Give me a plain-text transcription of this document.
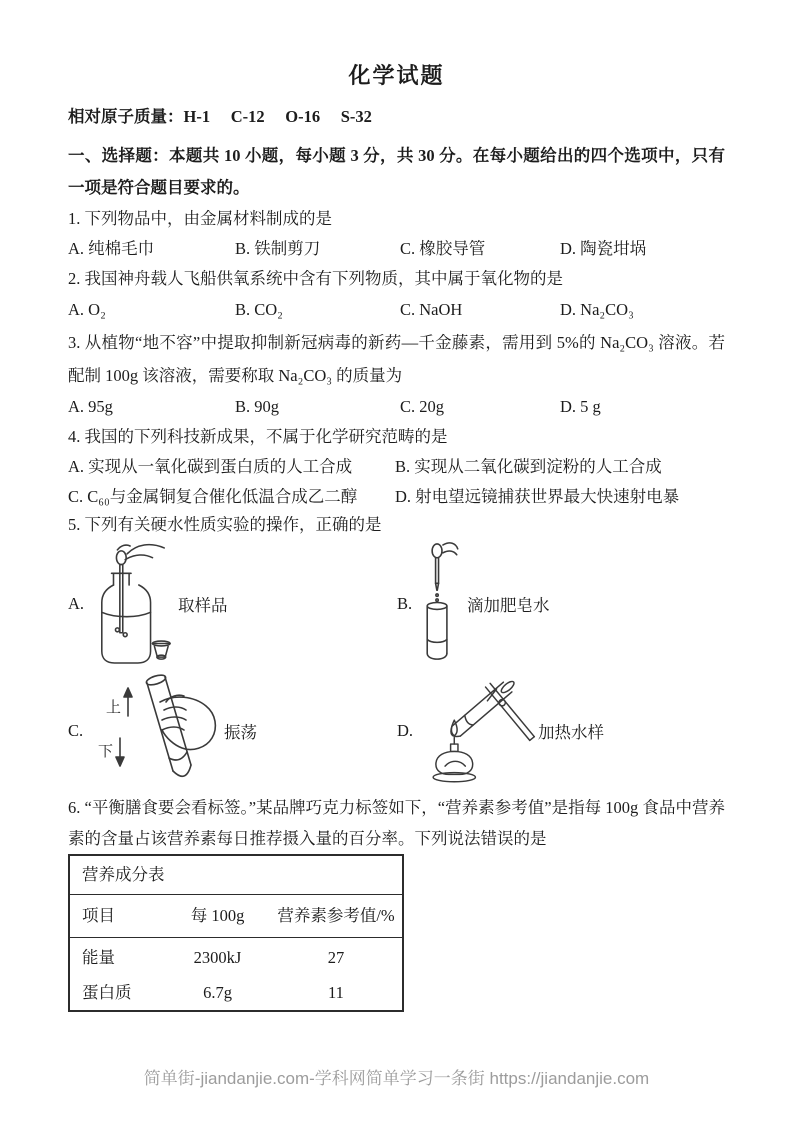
化学试题
相对原子质量：H-1　 C-12　 O-16　 S-32
一、选择题：本题共 10 小题，每小题 3 分，共 30 分。在每小题给出的四个选项中，只有一项是符合题目要求的。
1. 下列物品中，由金属材料制成的是
A. 纯棉毛巾	B. 铁制剪刀	C. 橡胶导管	D. 陶瓷坩埚
2. 我国神舟载人飞船供氧系统中含有下列物质，其中属于氧化物的是
A. O₂	B. CO₂	C. NaOH	D. Na₂CO₃
3. 从植物“地不容”中提取抑制新冠病毒的新药—千金藤素，需用到 5%的 Na₂CO₃ 溶液。若配制 100g 该溶液，需要称取 Na₂CO₃ 的质量为
A. 95g	B. 90g	C. 20g	D. 5 g
4. 我国的下列科技新成果，不属于化学研究范畴的是
A. 实现从一氧化碳到蛋白质的人工合成	B. 实现从二氧化碳到淀粉的人工合成
C. C₆₀与金属铜复合催化低温合成乙二醇	D. 射电望远镜捕获世界最大快速射电暴
5. 下列有关硬水性质实验的操作，正确的是
A.	取样品	B.	滴加肥皂水
C.
上
下
振荡	D.	加热水样
6. “平衡膳食要会看标签。”某品牌巧克力标签如下，“营养素参考值”是指每 100g 食品中营养素的含量占该营养素每日推荐摄入量的百分率。下列说法错误的是
营养成分表
项目	每 100g	营养素参考值/%
能量	2300kJ	27
蛋白质	6.7g	11
简单街-jiandanjie.com-学科网简单学习一条街 https://jiandanjie.com
